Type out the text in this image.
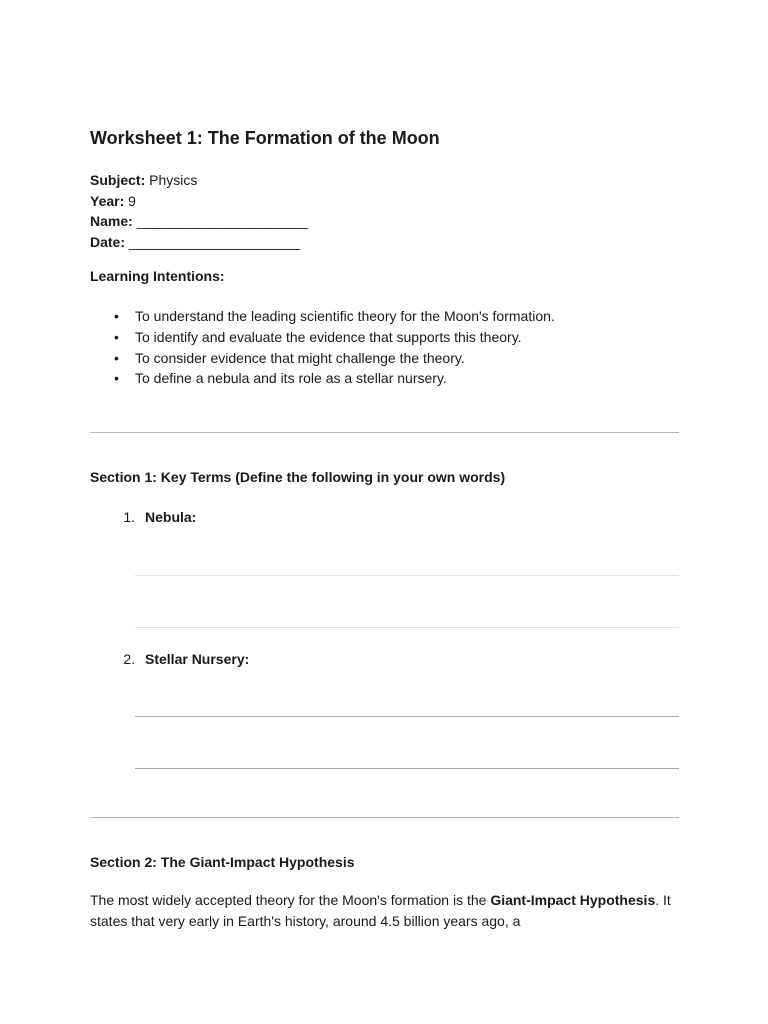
Worksheet 1: The Formation of the Moon
Subject: Physics
Year: 9
Name: ______________________
Date: ______________________
Learning Intentions:
• To understand the leading scientific theory for the Moon's formation.
• To identify and evaluate the evidence that supports this theory.
• To consider evidence that might challenge the theory.
• To define a nebula and its role as a stellar nursery.
Section 1: Key Terms (Define the following in your own words)
1. Nebula:
2. Stellar Nursery:
Section 2: The Giant-Impact Hypothesis
The most widely accepted theory for the Moon's formation is the Giant-Impact Hypothesis. It states that very early in Earth's history, around 4.5 billion years ago, a
